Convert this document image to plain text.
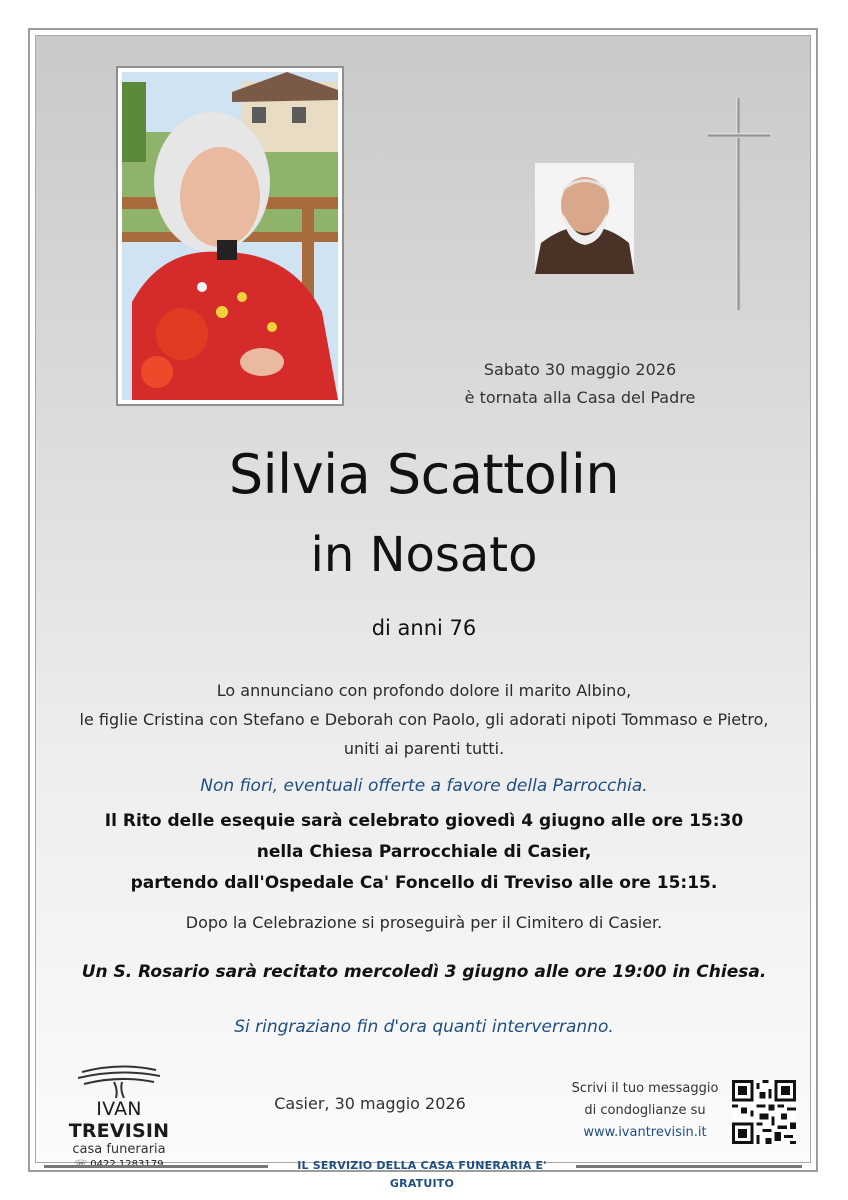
Sabato 30 maggio 2026
è tornata alla Casa del Padre
Silvia Scattolin
in Nosato
di anni 76
Lo annunciano con profondo dolore il marito Albino,
le figlie Cristina con Stefano e Deborah con Paolo, gli adorati nipoti Tommaso e Pietro,
uniti ai parenti tutti.
Non fiori, eventuali offerte a favore della Parrocchia.
Il Rito delle esequie sarà celebrato giovedì 4 giugno alle ore 15:30
nella Chiesa Parrocchiale di Casier,
partendo dall'Ospedale Ca' Foncello di Treviso alle ore 15:15.
Dopo la Celebrazione si proseguirà per il Cimitero di Casier.
Un S. Rosario sarà recitato mercoledì 3 giugno alle ore 19:00 in Chiesa.
Si ringraziano fin d'ora quanti interverranno.
IVAN TREVISIN
casa funeraria
Casier, 30 maggio 2026
Scrivi il tuo messaggio
di condoglianze su
www.ivantrevisin.it
IL SERVIZIO DELLA CASA FUNERARIA E' GRATUITO
